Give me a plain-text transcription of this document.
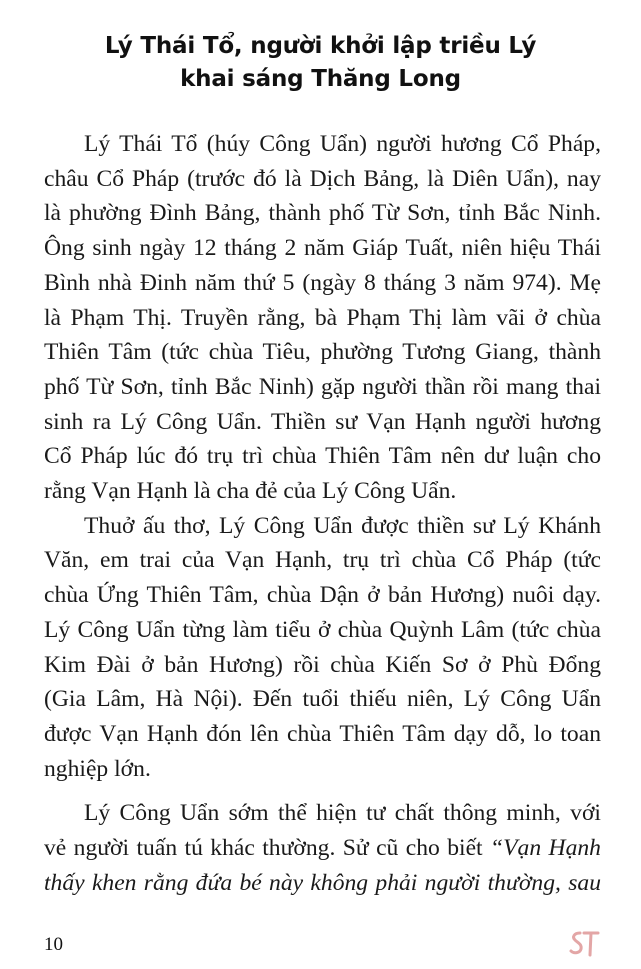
Lý Thái Tổ, người khởi lập triều Lý
khai sáng Thăng Long
Lý Thái Tổ (húy Công Uẩn) người hương Cổ Pháp,
châu Cổ Pháp (trước đó là Dịch Bảng, là Diên Uẩn), nay
là phường Đình Bảng, thành phố Từ Sơn, tỉnh Bắc Ninh.
Ông sinh ngày 12 tháng 2 năm Giáp Tuất, niên hiệu Thái
Bình nhà Đinh năm thứ 5 (ngày 8 tháng 3 năm 974). Mẹ
là Phạm Thị. Truyền rằng, bà Phạm Thị làm vãi ở chùa
Thiên Tâm (tức chùa Tiêu, phường Tương Giang, thành
phố Từ Sơn, tỉnh Bắc Ninh) gặp người thần rồi mang thai
sinh ra Lý Công Uẩn. Thiền sư Vạn Hạnh người hương
Cổ Pháp lúc đó trụ trì chùa Thiên Tâm nên dư luận cho
rằng Vạn Hạnh là cha đẻ của Lý Công Uẩn.
Thuở ấu thơ, Lý Công Uẩn được thiền sư Lý Khánh
Văn, em trai của Vạn Hạnh, trụ trì chùa Cổ Pháp (tức
chùa Ứng Thiên Tâm, chùa Dận ở bản Hương) nuôi dạy.
Lý Công Uẩn từng làm tiểu ở chùa Quỳnh Lâm (tức chùa
Kim Đài ở bản Hương) rồi chùa Kiến Sơ ở Phù Đổng
(Gia Lâm, Hà Nội). Đến tuổi thiếu niên, Lý Công Uẩn
được Vạn Hạnh đón lên chùa Thiên Tâm dạy dỗ, lo toan
nghiệp lớn.
Lý Công Uẩn sớm thể hiện tư chất thông minh, với
vẻ người tuấn tú khác thường. Sử cũ cho biết “Vạn Hạnh
thấy khen rằng đứa bé này không phải người thường, sau
10
